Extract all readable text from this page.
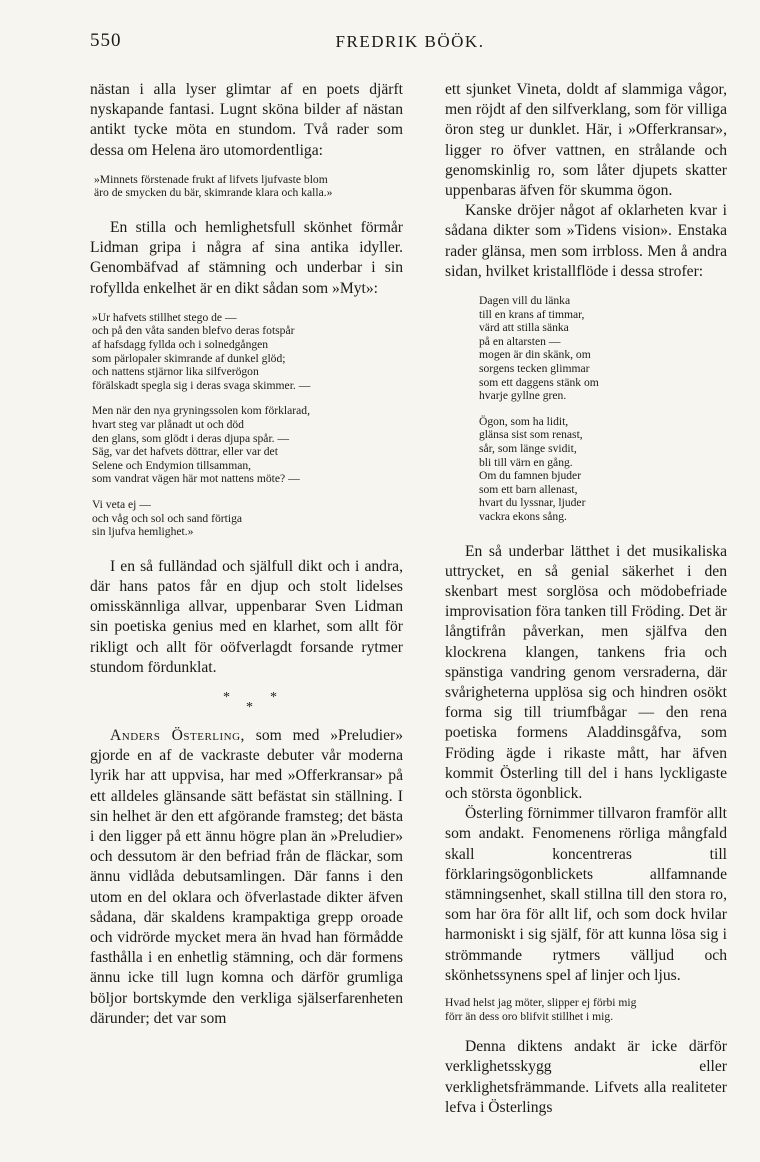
550	FREDRIK BÖÖK.

nästan i alla lyser glimtar af en poets djärft nyskapande fantasi. Lugnt sköna bilder af nästan antikt tycke möta en stundom. Två rader som dessa om Helena äro utomordentliga:

»Minnets förstenade frukt af lifvets ljufvaste blom
äro de smycken du bär, skimrande klara och kalla.»

En stilla och hemlighetsfull skönhet förmår Lidman gripa i några af sina antika idyller. Genombäfvad af stämning och underbar i sin rofyllda enkelhet är en dikt sådan som »Myt»:

»Ur hafvets stillhet stego de —
och på den våta sanden blefvo deras fotspår
af hafsdagg fyllda och i solnedgången
som pärlopaler skimrande af dunkel glöd;
och nattens stjärnor lika silfverögon
förälskadt spegla sig i deras svaga skimmer. —
Men när den nya gryningssolen kom förklarad,
hvart steg var plånadt ut och död
den glans, som glödt i deras djupa spår. —
Säg, var det hafvets döttrar, eller var det
Selene och Endymion tillsamman,
som vandrat vägen här mot nattens möte? —
Vi veta ej —
och våg och sol och sand förtiga
sin ljufva hemlighet.»

I en så fulländad och själfull dikt och i andra, där hans patos får en djup och stolt lidelses omisskännliga allvar, uppenbarar Sven Lidman sin poetiska genius med en klarhet, som allt för rikligt och allt för oöfverlagdt forsande rytmer stundom fördunklat.

*	*
*

Anders Österling, som med »Preludier» gjorde en af de vackraste debuter vår moderna lyrik har att uppvisa, har med »Offerkransar» på ett alldeles glänsande sätt befästat sin ställning. I sin helhet är den ett afgörande framsteg; det bästa i den ligger på ett ännu högre plan än »Preludier» och dessutom är den befriad från de fläckar, som ännu vidlåda debutsamlingen. Där fanns i den utom en del oklara och öfverlastade dikter äfven sådana, där skaldens krampaktiga grepp oroade och vidrörde mycket mera än hvad han förmådde fasthålla i en enhetlig stämning, och där formens ännu icke till lugn komna och därför grumliga böljor bortskymde den verkliga själserfarenheten därunder; det var som

ett sjunket Vineta, doldt af slammiga vågor, men röjdt af den silfverklang, som för villiga öron steg ur dunklet. Här, i »Offerkransar», ligger ro öfver vattnen, en strålande och genomskinlig ro, som låter djupets skatter uppenbaras äfven för skumma ögon.

Kanske dröjer något af oklarheten kvar i sådana dikter som »Tidens vision». Enstaka rader glänsa, men som irrbloss. Men å andra sidan, hvilket kristallflöde i dessa strofer:

Dagen vill du länka
till en krans af timmar,
värd att stilla sänka
på en altarsten —
mogen är din skänk, om
sorgens tecken glimmar
som ett daggens stänk om
hvarje gyllne gren.
Ögon, som ha lidit,
glänsa sist som renast,
sår, som länge svidit,
bli till värn en gång.
Om du famnen bjuder
som ett barn allenast,
hvart du lyssnar, ljuder
vackra ekons sång.

En så underbar lätthet i det musikaliska uttrycket, en så genial säkerhet i den skenbart mest sorglösa och mödobefriade improvisation föra tanken till Fröding. Det är långtifrån påverkan, men själfva den klockrena klangen, tankens fria och spänstiga vandring genom versraderna, där svårigheterna upplösa sig och hindren osökt forma sig till triumfbågar — den rena poetiska formens Aladdinsgåfva, som Fröding ägde i rikaste mått, har äfven kommit Österling till del i hans lyckligaste och största ögonblick.

Österling förnimmer tillvaron framför allt som andakt. Fenomenens rörliga mångfald skall koncentreras till förklaringsögonblickets allfamnande stämningsenhet, skall stillna till den stora ro, som har öra för allt lif, och som dock hvilar harmoniskt i sig själf, för att kunna lösa sig i strömmande rytmers välljud och skönhetssynens spel af linjer och ljus.

Hvad helst jag möter, slipper ej förbi mig
förr än dess oro blifvit stillhet i mig.

Denna diktens andakt är icke därför verklighetsskygg eller verklighetsfrämmande. Lifvets alla realiteter lefva i Österlings
